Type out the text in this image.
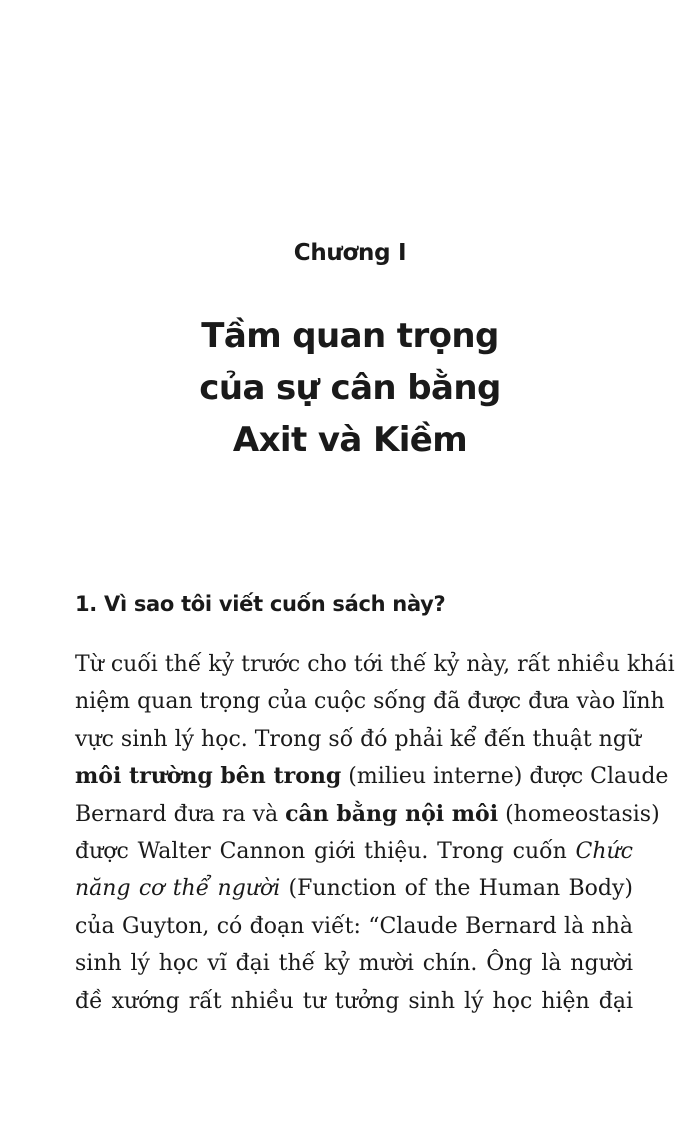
Chương I
Tầm quan trọng
của sự cân bằng
Axit và Kiềm
1. Vì sao tôi viết cuốn sách này?
Từ cuối thế kỷ trước cho tới thế kỷ này, rất nhiều khái
niệm quan trọng của cuộc sống đã được đưa vào lĩnh
vực sinh lý học. Trong số đó phải kể đến thuật ngữ
môi trường bên trong (milieu interne) được Claude
Bernard đưa ra và cân bằng nội môi (homeostasis)
được Walter Cannon giới thiệu. Trong cuốn Chức
năng cơ thể người (Function of the Human Body)
của Guyton, có đoạn viết: “Claude Bernard là nhà
sinh lý học vĩ đại thế kỷ mười chín. Ông là người
đề xướng rất nhiều tư tưởng sinh lý học hiện đại
